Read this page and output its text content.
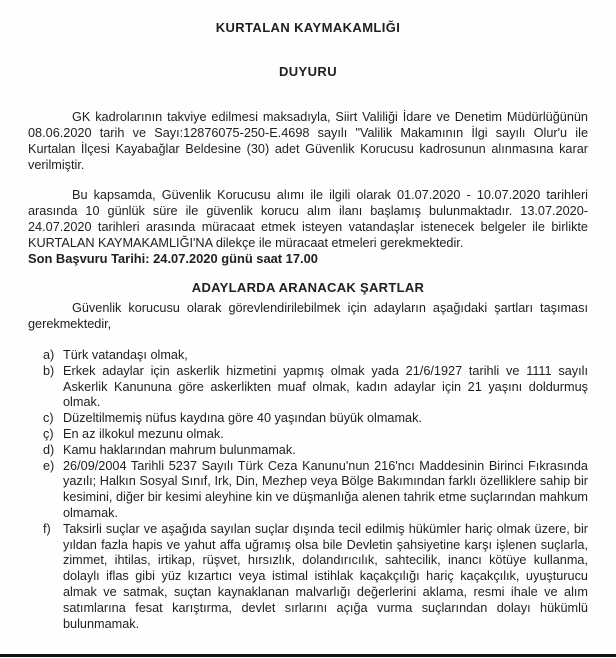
KURTALAN KAYMAKAMLIĞI
DUYURU

GK kadrolarının takviye edilmesi maksadıyla, Siirt Valiliği İdare ve Denetim Müdürlüğünün 08.06.2020 tarih ve Sayı:12876075-250-E.4698 sayılı "Valilik Makamının İlgi sayılı Olur'u ile Kurtalan İlçesi Kayabağlar Beldesine (30) adet Güvenlik Korucusu kadrosunun alınmasına karar verilmiştir.

Bu kapsamda, Güvenlik Korucusu alımı ile ilgili olarak 01.07.2020 - 10.07.2020 tarihleri arasında 10 günlük süre ile güvenlik korucu alım ilanı başlamış bulunmaktadır. 13.07.2020-24.07.2020 tarihleri arasında müracaat etmek isteyen vatandaşlar istenecek belgeler ile birlikte KURTALAN KAYMAKAMLIĞI'NA dilekçe ile müracaat etmeleri gerekmektedir.

Son Başvuru Tarihi: 24.07.2020 günü saat 17.00

ADAYLARDA ARANACAK ŞARTLAR

Güvenlik korucusu olarak görevlendirilebilmek için adayların aşağıdaki şartları taşıması gerekmektedir,

a) Türk vatandaşı olmak,
b) Erkek adaylar için askerlik hizmetini yapmış olmak yada 21/6/1927 tarihli ve 1111 sayılı Askerlik Kanununa göre askerlikten muaf olmak, kadın adaylar için 21 yaşını doldurmuş olmak.
c) Düzeltilmemiş nüfus kaydına göre 40 yaşından büyük olmamak.
ç) En az ilkokul mezunu olmak.
d) Kamu haklarından mahrum bulunmamak.
e) 26/09/2004 Tarihli 5237 Sayılı Türk Ceza Kanunu'nun 216'ncı Maddesinin Birinci Fıkrasında yazılı; Halkın Sosyal Sınıf, Irk, Din, Mezhep veya Bölge Bakımından farklı özelliklere sahip bir kesimini, diğer bir kesimi aleyhine kin ve düşmanlığa alenen tahrik etme suçlarından mahkum olmamak.
f) Taksirli suçlar ve aşağıda sayılan suçlar dışında tecil edilmiş hükümler hariç olmak üzere, bir yıldan fazla hapis ve yahut affa uğramış olsa bile Devletin şahsiyetine karşı işlenen suçlarla, zimmet, ihtilas, irtikap, rüşvet, hırsızlık, dolandırıcılık, sahtecilik, inancı kötüye kullanma, dolaylı iflas gibi yüz kızartıcı veya istimal istihlak kaçakçılığı hariç kaçakçılık, uyuşturucu almak ve satmak, suçtan kaynaklanan malvarlığı değerlerini aklama, resmi ihale ve alım satımlarına fesat karıştırma, devlet sırlarını açığa vurma suçlarından dolayı hükümlü bulunmamak.
